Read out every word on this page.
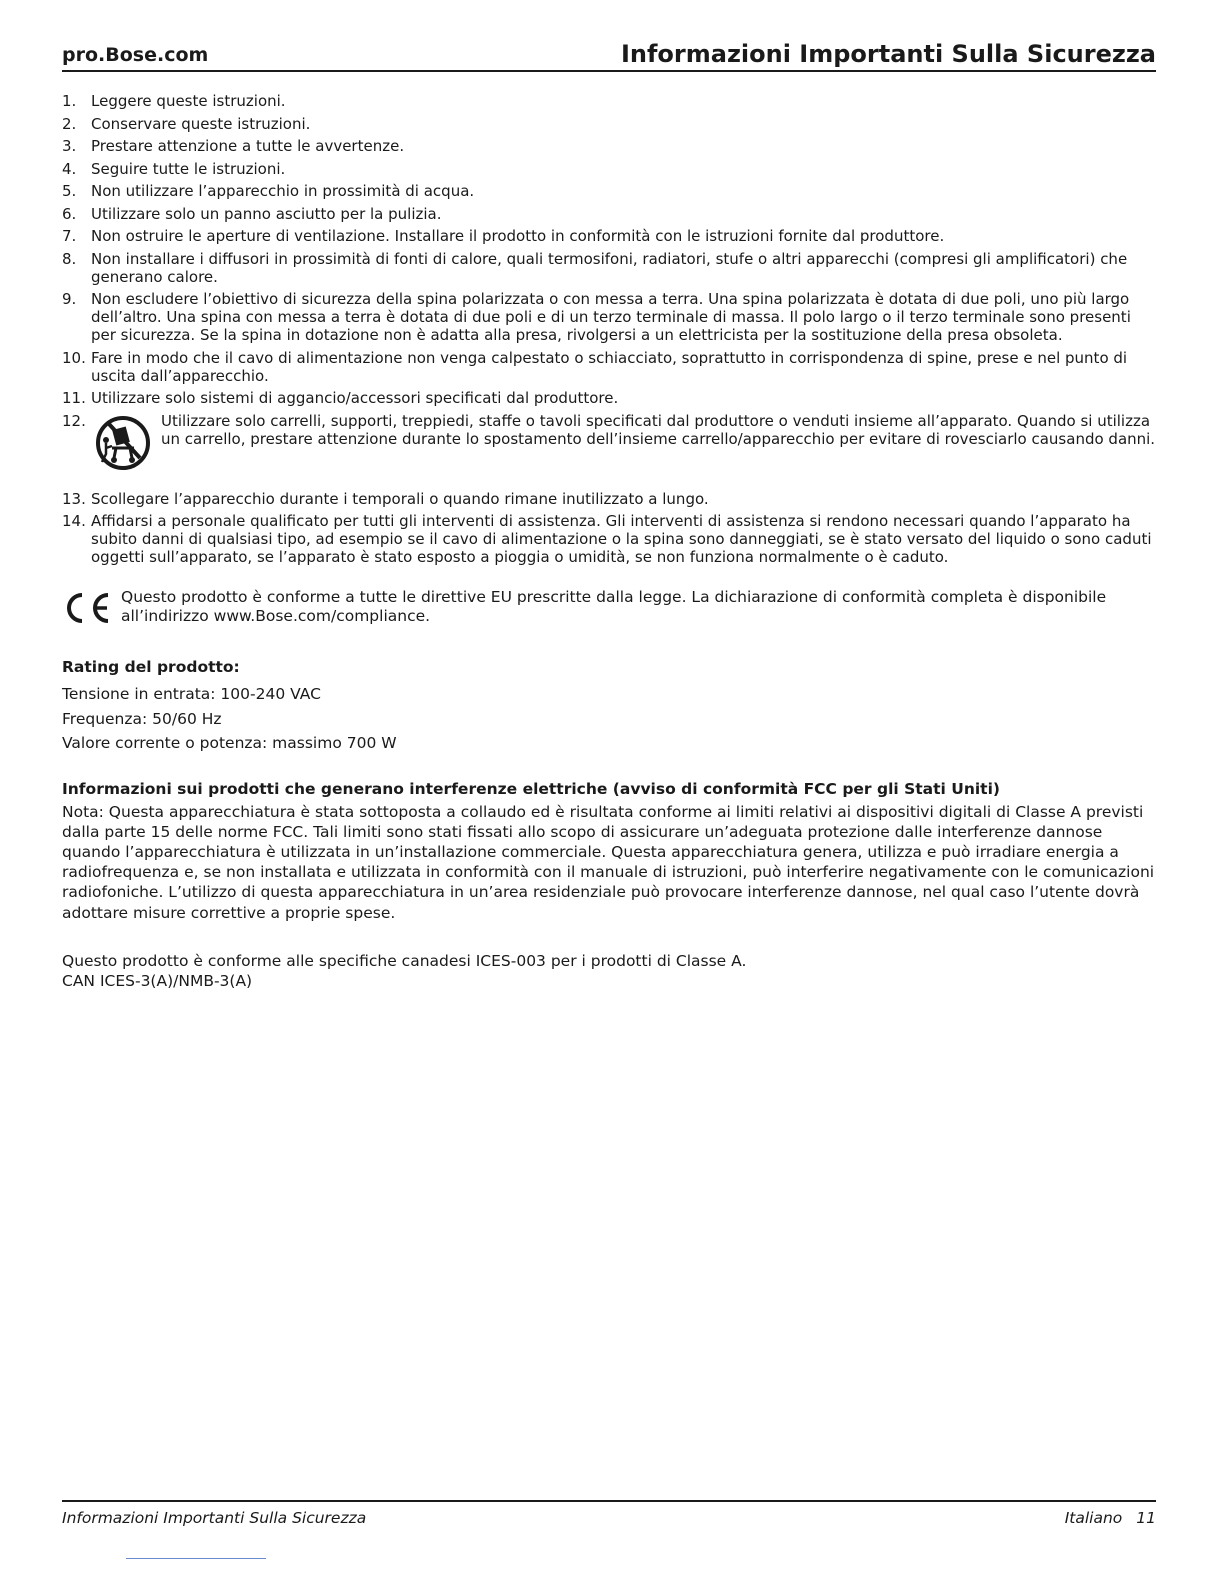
pro.Bose.com	Informazioni Importanti Sulla Sicurezza
1. Leggere queste istruzioni.
2. Conservare queste istruzioni.
3. Prestare attenzione a tutte le avvertenze.
4. Seguire tutte le istruzioni.
5. Non utilizzare l’apparecchio in prossimità di acqua.
6. Utilizzare solo un panno asciutto per la pulizia.
7. Non ostruire le aperture di ventilazione. Installare il prodotto in conformità con le istruzioni fornite dal produttore.
8. Non installare i diffusori in prossimità di fonti di calore, quali termosifoni, radiatori, stufe o altri apparecchi (compresi gli amplificatori) che generano calore.
9. Non escludere l’obiettivo di sicurezza della spina polarizzata o con messa a terra. Una spina polarizzata è dotata di due poli, uno più largo dell’altro. Una spina con messa a terra è dotata di due poli e di un terzo terminale di massa. Il polo largo o il terzo terminale sono presenti per sicurezza. Se la spina in dotazione non è adatta alla presa, rivolgersi a un elettricista per la sostituzione della presa obsoleta.
10. Fare in modo che il cavo di alimentazione non venga calpestato o schiacciato, soprattutto in corrispondenza di spine, prese e nel punto di uscita dall’apparecchio.
11. Utilizzare solo sistemi di aggancio/accessori specificati dal produttore.
12.	Utilizzare solo carrelli, supporti, treppiedi, staffe o tavoli specificati dal produttore o venduti insieme all’apparato. Quando si utilizza un carrello, prestare attenzione durante lo spostamento dell’insieme carrello/apparecchio per evitare di rovesciarlo causando danni.
13. Scollegare l’apparecchio durante i temporali o quando rimane inutilizzato a lungo.
14. Affidarsi a personale qualificato per tutti gli interventi di assistenza. Gli interventi di assistenza si rendono necessari quando l’apparato ha subito danni di qualsiasi tipo, ad esempio se il cavo di alimentazione o la spina sono danneggiati, se è stato versato del liquido o sono caduti oggetti sull’apparato, se l’apparato è stato esposto a pioggia o umidità, se non funziona normalmente o è caduto.
Questo prodotto è conforme a tutte le direttive EU prescritte dalla legge. La dichiarazione di conformità completa è disponibile all’indirizzo www.Bose.com/compliance.
Rating del prodotto:
Tensione in entrata: 100-240 VAC
Frequenza: 50/60 Hz
Valore corrente o potenza: massimo 700 W
Informazioni sui prodotti che generano interferenze elettriche (avviso di conformità FCC per gli Stati Uniti)
Nota: Questa apparecchiatura è stata sottoposta a collaudo ed è risultata conforme ai limiti relativi ai dispositivi digitali di Classe A previsti dalla parte 15 delle norme FCC. Tali limiti sono stati fissati allo scopo di assicurare un’adeguata protezione dalle interferenze dannose quando l’apparecchiatura è utilizzata in un’installazione commerciale. Questa apparecchiatura genera, utilizza e può irradiare energia a radiofrequenza e, se non installata e utilizzata in conformità con il manuale di istruzioni, può interferire negativamente con le comunicazioni radiofoniche. L’utilizzo di questa apparecchiatura in un’area residenziale può provocare interferenze dannose, nel qual caso l’utente dovrà adottare misure correttive a proprie spese.
Questo prodotto è conforme alle specifiche canadesi ICES-003 per i prodotti di Classe A.
CAN ICES-3(A)/NMB-3(A)
Informazioni Importanti Sulla Sicurezza	Italiano 11
